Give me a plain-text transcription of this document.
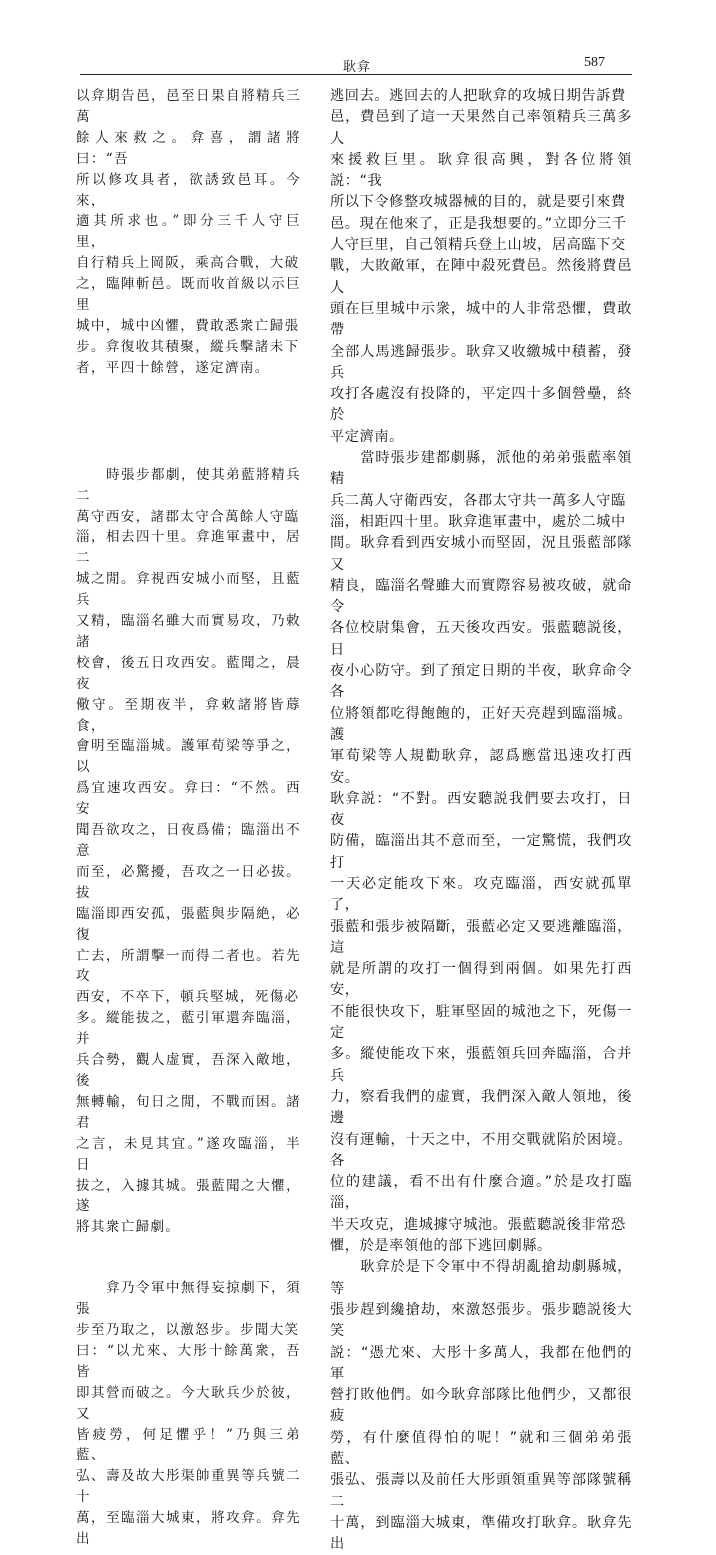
耿弇	587

以弇期告邑，邑至日果自將精兵三萬
餘人來救之。弇喜，謂諸將曰：“吾
所以修攻具者，欲誘致邑耳。今來，
適其所求也。”即分三千人守巨里，
自行精兵上岡阪，乘高合戰，大破
之，臨陣斬邑。既而收首級以示巨里
城中，城中凶懼，費敢悉衆亡歸張
步。弇復收其積聚，縱兵擊諸未下
者，平四十餘營，遂定濟南。

　　時張步都劇，使其弟藍將精兵二
萬守西安，諸郡太守合萬餘人守臨
淄，相去四十里。弇進軍畫中，居二
城之閒。弇視西安城小而堅，且藍兵
又精，臨淄名雖大而實易攻，乃敕諸
校會，後五日攻西安。藍聞之，晨夜
儆守。至期夜半，弇敕諸將皆蓐食，
會明至臨淄城。護軍荀梁等爭之，以
爲宜速攻西安。弇曰：“不然。西安
聞吾欲攻之，日夜爲備；臨淄出不意
而至，必驚擾，吾攻之一日必拔。拔
臨淄即西安孤，張藍與步隔絶，必復
亡去，所謂擊一而得二者也。若先攻
西安，不卒下，頓兵堅城，死傷必
多。縱能拔之，藍引軍還奔臨淄，并
兵合勢，觀人虚實，吾深入敵地，後
無轉輸，旬日之閒，不戰而困。諸君
之言，未見其宜。”遂攻臨淄，半日
拔之，入據其城。張藍聞之大懼，遂
將其衆亡歸劇。

　　弇乃令軍中無得妄掠劇下，須張
步至乃取之，以激怒步。步聞大笑
曰：“以尤來、大彤十餘萬衆，吾皆
即其營而破之。今大耿兵少於彼，又
皆疲勞，何足懼乎！”乃與三弟藍、
弘、壽及故大彤渠帥重異等兵號二十
萬，至臨淄大城東，將攻弇。弇先出

逃回去。逃回去的人把耿弇的攻城日期告訴費
邑，費邑到了這一天果然自己率領精兵三萬多人
來援救巨里。耿弇很高興，對各位將領説：“我
所以下令修整攻城器械的目的，就是要引來費
邑。現在他來了，正是我想要的。”立即分三千
人守巨里，自己領精兵登上山坡，居高臨下交
戰，大敗敵軍，在陣中殺死費邑。然後將費邑人
頭在巨里城中示衆，城中的人非常恐懼，費敢帶
全部人馬逃歸張步。耿弇又收繳城中積蓄，發兵
攻打各處沒有投降的，平定四十多個營壘，終於
平定濟南。

　　當時張步建都劇縣，派他的弟弟張藍率領精
兵二萬人守衛西安，各郡太守共一萬多人守臨
淄，相距四十里。耿弇進軍畫中，處於二城中
間。耿弇看到西安城小而堅固，況且張藍部隊又
精良，臨淄名聲雖大而實際容易被攻破，就命令
各位校尉集會，五天後攻西安。張藍聽説後，日
夜小心防守。到了預定日期的半夜，耿弇命令各
位將領都吃得飽飽的，正好天亮趕到臨淄城。護
軍荀梁等人規勸耿弇，認爲應當迅速攻打西安。
耿弇説：“不對。西安聽説我們要去攻打，日夜
防備，臨淄出其不意而至，一定驚慌，我們攻打
一天必定能攻下來。攻克臨淄，西安就孤單了，
張藍和張步被隔斷，張藍必定又要逃離臨淄，這
就是所謂的攻打一個得到兩個。如果先打西安，
不能很快攻下，駐軍堅固的城池之下，死傷一定
多。縱使能攻下來，張藍領兵回奔臨淄，合并兵
力，察看我們的虚實，我們深入敵人領地，後邊
沒有運輸，十天之中，不用交戰就陷於困境。各
位的建議，看不出有什麼合適。”於是攻打臨淄，
半天攻克，進城據守城池。張藍聽説後非常恐
懼，於是率領他的部下逃回劇縣。

　　耿弇於是下令軍中不得胡亂搶劫劇縣城，等
張步趕到纔搶劫，來激怒張步。張步聽説後大笑
説：“憑尤來、大彤十多萬人，我都在他們的軍
營打敗他們。如今耿弇部隊比他們少，又都很疲
勞，有什麼值得怕的呢！”就和三個弟弟張藍、
張弘、張壽以及前任大彤頭領重異等部隊號稱二
十萬，到臨淄大城東，準備攻打耿弇。耿弇先出
